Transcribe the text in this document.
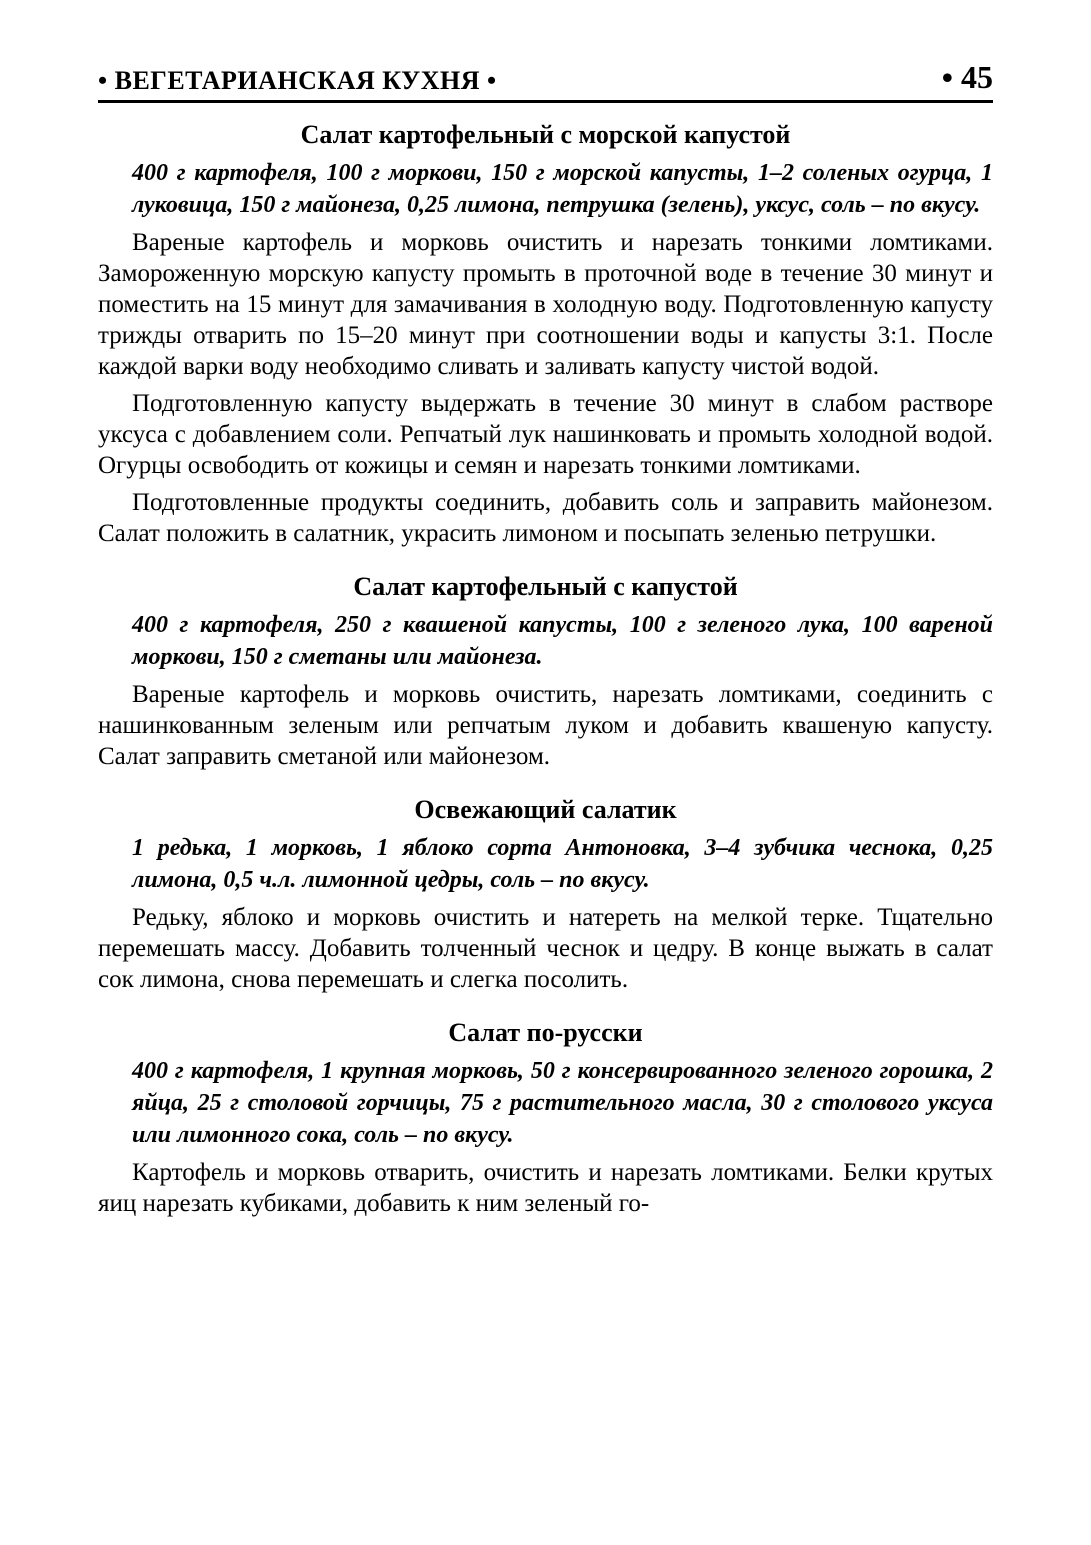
• ВЕГЕТАРИАНСКАЯ КУХНЯ •	• 45
Салат картофельный с морской капустой
400 г картофеля, 100 г моркови, 150 г морской капусты, 1–2 соленых огурца, 1 луковица, 150 г майонеза, 0,25 лимона, петрушка (зелень), уксус, соль – по вкусу.

Вареные картофель и морковь очистить и нарезать тонкими ломтиками. Замороженную морскую капусту промыть в проточной воде в течение 30 минут и поместить на 15 минут для замачивания в холодную воду. Подготовленную капусту трижды отварить по 15–20 минут при соотношении воды и капусты 3:1. После каждой варки воду необходимо сливать и заливать капусту чистой водой.

Подготовленную капусту выдержать в течение 30 минут в слабом растворе уксуса с добавлением соли. Репчатый лук нашинковать и промыть холодной водой. Огурцы освободить от кожицы и семян и нарезать тонкими ломтиками.

Подготовленные продукты соединить, добавить соль и заправить майонезом. Салат положить в салатник, украсить лимоном и посыпать зеленью петрушки.

Салат картофельный с капустой
400 г картофеля, 250 г квашеной капусты, 100 г зеленого лука, 100 вареной моркови, 150 г сметаны или майонеза.

Вареные картофель и морковь очистить, нарезать ломтиками, соединить с нашинкованным зеленым или репчатым луком и добавить квашеную капусту. Салат заправить сметаной или майонезом.

Освежающий салатик
1 редька, 1 морковь, 1 яблоко сорта Антоновка, 3–4 зубчика чеснока, 0,25 лимона, 0,5 ч.л. лимонной цедры, соль – по вкусу.

Редьку, яблоко и морковь очистить и натереть на мелкой терке. Тщательно перемешать массу. Добавить толченный чеснок и цедру. В конце выжать в салат сок лимона, снова перемешать и слегка посолить.

Салат по-русски
400 г картофеля, 1 крупная морковь, 50 г консервированного зеленого горошка, 2 яйца, 25 г столовой горчицы, 75 г растительного масла, 30 г столового уксуса или лимонного сока, соль – по вкусу.

Картофель и морковь отварить, очистить и нарезать ломтиками. Белки крутых яиц нарезать кубиками, добавить к ним зеленый го-
